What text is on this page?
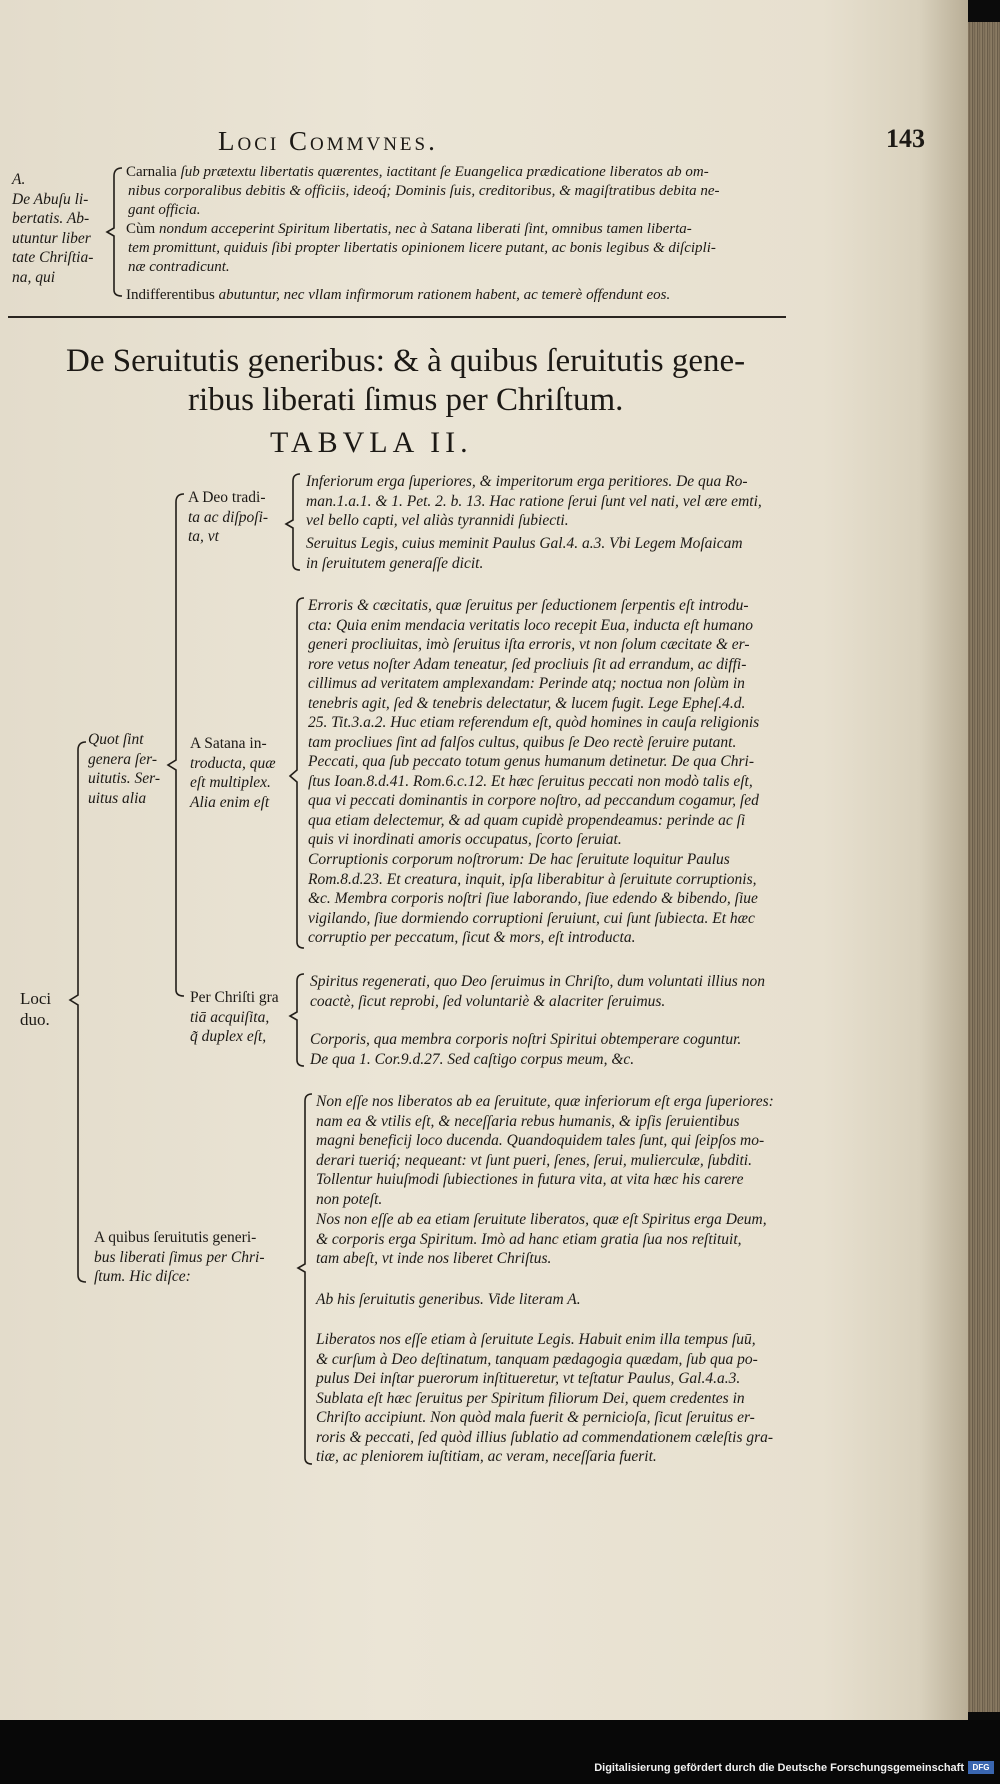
Digitalisierung gefördert durch die Deutsche Forschungsgemeinschaft	DFG
Loci Commvnes.	143

A.

De Abuſu li-

bertatis. Ab-

utuntur liber

tate Chriſtia-

na, qui

Carnalia ſub prætextu libertatis quærentes, iactitant ſe Euangelica prædicatione liberatos ab om-

nibus corporalibus debitis & officiis, ideoq́; Dominis ſuis, creditoribus, & magiſtratibus debita ne-

gant officia.

Cùm nondum acceperint Spiritum libertatis, nec à Satana liberati ſint, omnibus tamen liberta-

tem promittunt, quiduis ſibi propter libertatis opinionem licere putant, ac bonis legibus & diſcipli-

næ contradicunt.

Indifferentibus abutuntur, nec vllam infirmorum rationem habent, ac temerè offendunt eos.

De Seruitutis generibus: & à quibus ſeruitutis gene-
ribus liberati ſimus per Chriſtum.
TABVLA II.

Loci

duo.

Quot ſint

genera ſer-

uitutis. Ser-

uitus alia

A Deo tradi-

ta ac diſpoſi-

ta, vt

A Satana in-

troducta, quæ

eſt multiplex.

Alia enim eſt

Per Chriſti gra

tiā acquiſita,

q̃ duplex eſt,

A quibus ſeruitutis generi-

bus liberati ſimus per Chri-

ſtum. Hic diſce:

Inferiorum erga ſuperiores, & imperitorum erga peritiores. De qua Ro-

man.1.a.1. & 1. Pet. 2. b. 13. Hac ratione ſerui ſunt vel nati, vel ære emti,

vel bello capti, vel aliàs tyrannidi ſubiecti.

Seruitus Legis, cuius meminit Paulus Gal.4. a.3. Vbi Legem Moſaicam

in ſeruitutem generaſſe dicit.

Erroris & cæcitatis, quæ ſeruitus per ſeductionem ſerpentis eſt introdu-

cta: Quia enim mendacia veritatis loco recepit Eua, inducta eſt humano

generi procliuitas, imò ſeruitus iſta erroris, vt non ſolum cæcitate & er-

rore vetus noſter Adam teneatur, ſed procliuis ſit ad errandum, ac diffi-

cillimus ad veritatem amplexandam: Perinde atq; noctua non ſolùm in

tenebris agit, ſed & tenebris delectatur, & lucem fugit. Lege Epheſ.4.d.

25. Tit.3.a.2. Huc etiam referendum eſt, quòd homines in cauſa religionis

tam procliues ſint ad falſos cultus, quibus ſe Deo rectè ſeruire putant.

Peccati, qua ſub peccato totum genus humanum detinetur. De qua Chri-

ſtus Ioan.8.d.41. Rom.6.c.12. Et hæc ſeruitus peccati non modò talis eſt,

qua vi peccati dominantis in corpore noſtro, ad peccandum cogamur, ſed

qua etiam delectemur, & ad quam cupidè propendeamus: perinde ac ſi

quis vi inordinati amoris occupatus, ſcorto ſeruiat.

Corruptionis corporum noſtrorum: De hac ſeruitute loquitur Paulus

Rom.8.d.23. Et creatura, inquit, ipſa liberabitur à ſeruitute corruptionis,

&c. Membra corporis noſtri ſiue laborando, ſiue edendo & bibendo, ſiue

vigilando, ſiue dormiendo corruptioni ſeruiunt, cui ſunt ſubiecta. Et hæc

corruptio per peccatum, ſicut & mors, eſt introducta.

Spiritus regenerati, quo Deo ſeruimus in Chriſto, dum voluntati illius non

coactè, ſicut reprobi, ſed voluntariè & alacriter ſeruimus.

Corporis, qua membra corporis noſtri Spiritui obtemperare coguntur.

De qua 1. Cor.9.d.27. Sed caſtigo corpus meum, &c.

Non eſſe nos liberatos ab ea ſeruitute, quæ inferiorum eſt erga ſuperiores:

nam ea & vtilis eſt, & neceſſaria rebus humanis, & ipſis ſeruientibus

magni beneficij loco ducenda. Quandoquidem tales ſunt, qui ſeipſos mo-

derari tueriq́; nequeant: vt ſunt pueri, ſenes, ſerui, mulierculæ, ſubditi.

Tollentur huiuſmodi ſubiectiones in futura vita, at vita hæc his carere

non poteſt.

Nos non eſſe ab ea etiam ſeruitute liberatos, quæ eſt Spiritus erga Deum,

& corporis erga Spiritum. Imò ad hanc etiam gratia ſua nos reſtituit,

tam abeſt, vt inde nos liberet Chriſtus.

Ab his ſeruitutis generibus. Vide literam A.

Liberatos nos eſſe etiam à ſeruitute Legis. Habuit enim illa tempus ſuū,

& curſum à Deo deſtinatum, tanquam pædagogia quædam, ſub qua po-

pulus Dei inſtar puerorum inſtitueretur, vt teſtatur Paulus, Gal.4.a.3.

Sublata eſt hæc ſeruitus per Spiritum filiorum Dei, quem credentes in

Chriſto accipiunt. Non quòd mala fuerit & pernicioſa, ſicut ſeruitus er-

roris & peccati, ſed quòd illius ſublatio ad commendationem cæleſtis gra-

tiæ, ac pleniorem iuſtitiam, ac veram, neceſſaria fuerit.
